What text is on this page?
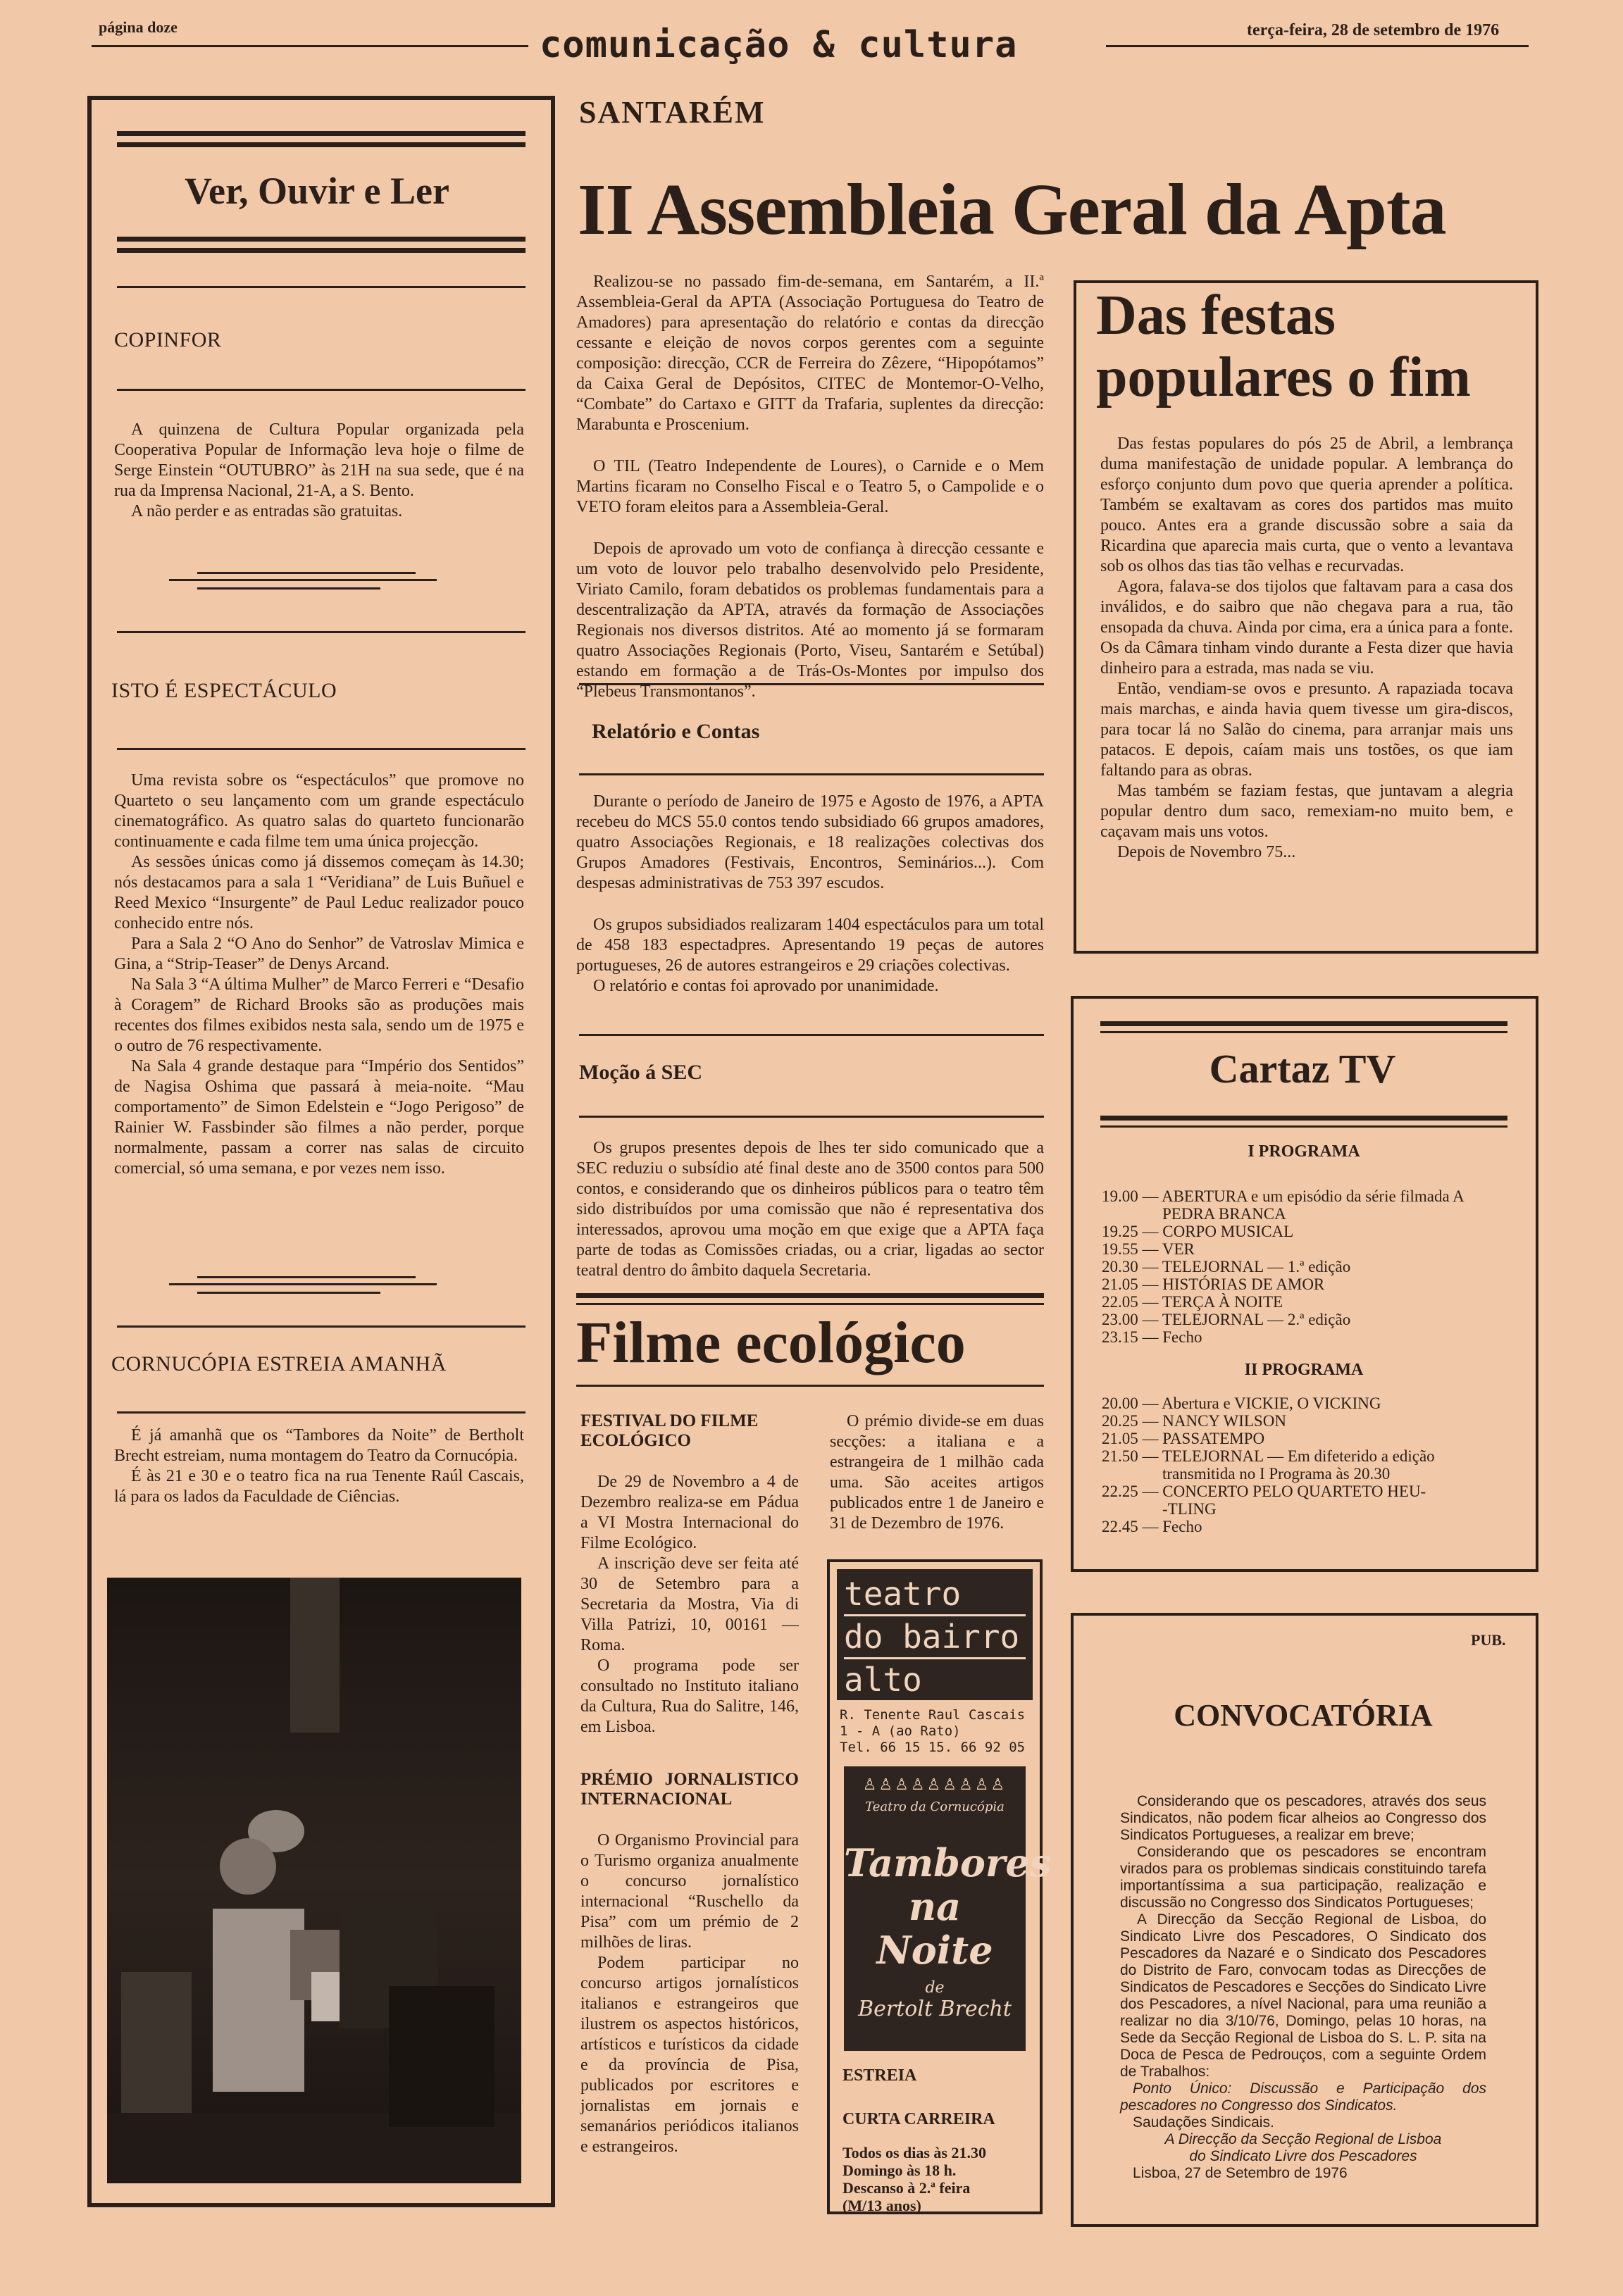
página doze	comunicação & cultura	terça-feira, 28 de setembro de 1976
Ver, Ouvir e Ler
COPINFOR

A quinzena de Cultura Popular organizada pela Cooperativa Popular de Informação leva hoje o filme de Serge Einstein “OUTUBRO” às 21H na sua sede, que é na rua da Imprensa Nacional, 21-A, a S. Bento.

A não perder e as entradas são gratuitas.

ISTO É ESPECTÁCULO

Uma revista sobre os “espectáculos” que promove no Quarteto o seu lançamento com um grande espectáculo cinematográfico. As quatro salas do quarteto funcionarão continuamente e cada filme tem uma única projecção.

As sessões únicas como já dissemos começam às 14.30; nós destacamos para a sala 1 “Veridiana” de Luis Buñuel e Reed Mexico “Insurgente” de Paul Leduc realizador pouco conhecido entre nós.

Para a Sala 2 “O Ano do Senhor” de Vatroslav Mimica e Gina, a “Strip-Teaser” de Denys Arcand.

Na Sala 3 “A última Mulher” de Marco Ferreri e “Desafio à Coragem” de Richard Brooks são as produções mais recentes dos filmes exibidos nesta sala, sendo um de 1975 e o outro de 76 respectivamente.

Na Sala 4 grande destaque para “Império dos Sentidos” de Nagisa Oshima que passará à meia-noite. “Mau comportamento” de Simon Edelstein e “Jogo Perigoso” de Rainier W. Fassbinder são filmes a não perder, porque normalmente, passam a correr nas salas de circuito comercial, só uma semana, e por vezes nem isso.

CORNUCÓPIA ESTREIA AMANHÃ

É já amanhã que os “Tambores da Noite” de Bertholt Brecht estreiam, numa montagem do Teatro da Cornucópia.

É às 21 e 30 e o teatro fica na rua Tenente Raúl Cascais, lá para os lados da Faculdade de Ciências.

SANTARÉM
II Assembleia Geral da Apta

Realizou-se no passado fim-de-semana, em Santarém, a II.ª Assembleia-Geral da APTA (Associação Portuguesa do Teatro de Amadores) para apresentação do relatório e contas da direcção cessante e eleição de novos corpos gerentes com a seguinte composição: direcção, CCR de Ferreira do Zêzere, “Hipopótamos” da Caixa Geral de Depósitos, CITEC de Montemor-O-Velho, “Combate” do Cartaxo e GITT da Trafaria, suplentes da direcção: Marabunta e Proscenium.

O TIL (Teatro Independente de Loures), o Carnide e o Mem Martins ficaram no Conselho Fiscal e o Teatro 5, o Campolide e o VETO foram eleitos para a Assembleia-Geral.

Depois de aprovado um voto de confiança à direcção cessante e um voto de louvor pelo trabalho desenvolvido pelo Presidente, Viriato Camilo, foram debatidos os problemas fundamentais para a descentralização da APTA, através da formação de Associações Regionais nos diversos distritos. Até ao momento já se formaram quatro Associações Regionais (Porto, Viseu, Santarém e Setúbal) estando em formação a de Trás-Os-Montes por impulso dos “Plebeus Transmontanos”.

Relatório e Contas

Durante o período de Janeiro de 1975 e Agosto de 1976, a APTA recebeu do MCS 55.0 contos tendo subsidiado 66 grupos amadores, quatro Associações Regionais, e 18 realizações colectivas dos Grupos Amadores (Festivais, Encontros, Seminários...). Com despesas administrativas de 753 397 escudos.

Os grupos subsidiados realizaram 1404 espectáculos para um total de 458 183 espectadpres. Apresentando 19 peças de autores portugueses, 26 de autores estrangeiros e 29 criações colectivas.

O relatório e contas foi aprovado por unanimidade.

Moção á SEC

Os grupos presentes depois de lhes ter sido comunicado que a SEC reduziu o subsídio até final deste ano de 3500 contos para 500 contos, e considerando que os dinheiros públicos para o teatro têm sido distribuídos por uma comissão que não é representativa dos interessados, aprovou uma moção em que exige que a APTA faça parte de todas as Comissões criadas, ou a criar, ligadas ao sector teatral dentro do âmbito daquela Secretaria.

Filme ecológico

FESTIVAL DO FILME ECOLÓGICO

De 29 de Novembro a 4 de Dezembro realiza-se em Pádua a VI Mostra Internacional do Filme Ecológico.

A inscrição deve ser feita até 30 de Setembro para a Secretaria da Mostra, Via di Villa Patrizi, 10, 00161 — Roma.

O programa pode ser consultado no Instituto italiano da Cultura, Rua do Salitre, 146, em Lisboa.

PRÉMIO JORNALISTICO INTERNACIONAL

O Organismo Provincial para o Turismo organiza anualmente o concurso jornalístico internacional “Ruschello da Pisa” com um prémio de 2 milhões de liras.

Podem participar no concurso artigos jornalísticos italianos e estrangeiros que ilustrem os aspectos históricos, artísticos e turísticos da cidade e da província de Pisa, publicados por escritores e jornalistas em jornais e semanários periódicos italianos e estrangeiros.

O prémio divide-se em duas secções: a italiana e a estrangeira de 1 milhão cada uma. São aceites artigos publicados entre 1 de Janeiro e 31 de Dezembro de 1976.

teatro
do bairro
alto
R. Tenente Raul Cascais
1 - A (ao Rato)
Tel. 66 15 15. 66 92 05
♙♙♙♙♙♙♙♙♙
Teatro da Cornucópia
Tambores
na Noite
de
Bertolt Brecht
ESTREIA
CURTA CARREIRA
Todos os dias às 21.30
Domingo às 18 h.
Descanso à 2.ª feira
(M/13 anos)
Das festas populares o fim

Das festas populares do pós 25 de Abril, a lembrança duma manifestação de unidade popular. A lembrança do esforço conjunto dum povo que queria aprender a política. Também se exaltavam as cores dos partidos mas muito pouco. Antes era a grande discussão sobre a saia da Ricardina que aparecia mais curta, que o vento a levantava sob os olhos das tias tão velhas e recurvadas.

Agora, falava-se dos tijolos que faltavam para a casa dos inválidos, e do saibro que não chegava para a rua, tão ensopada da chuva. Ainda por cima, era a única para a fonte. Os da Câmara tinham vindo durante a Festa dizer que havia dinheiro para a estrada, mas nada se viu.

Então, vendiam-se ovos e presunto. A rapaziada tocava mais marchas, e ainda havia quem tivesse um gira-discos, para tocar lá no Salão do cinema, para arranjar mais uns patacos. E depois, caíam mais uns tostões, os que iam faltando para as obras.

Mas também se faziam festas, que juntavam a alegria popular dentro dum saco, remexiam-no muito bem, e caçavam mais uns votos.

Depois de Novembro 75...

Cartaz TV
I PROGRAMA
19.00 — ABERTURA e um episódio da série filmada A
PEDRA BRANCA
19.25 — CORPO MUSICAL
19.55 — VER
20.30 — TELEJORNAL — 1.ª edição
21.05 — HISTÓRIAS DE AMOR
22.05 — TERÇA À NOITE
23.00 — TELEJORNAL — 2.ª edição
23.15 — Fecho
II PROGRAMA
20.00 — Abertura e VICKIE, O VICKING
20.25 — NANCY WILSON
21.05 — PASSATEMPO
21.50 — TELEJORNAL — Em difeterido a edição
transmitida no I Programa às 20.30
22.25 — CONCERTO PELO QUARTETO HEU-
-TLING
22.45 — Fecho
PUB.
CONVOCATÓRIA

Considerando que os pescadores, através dos seus Sindicatos, não podem ficar alheios ao Congresso dos Sindicatos Portugueses, a realizar em breve;

Considerando que os pescadores se encontram virados para os problemas sindicais constituindo tarefa importantíssima a sua participação, realização e discussão no Congresso dos Sindicatos Portugueses;

A Direcção da Secção Regional de Lisboa, do Sindicato Livre dos Pescadores, O Sindicato dos Pescadores da Nazaré e o Sindicato dos Pescadores do Distrito de Faro, convocam todas as Direcções de Sindicatos de Pescadores e Secções do Sindicato Livre dos Pescadores, a nível Nacional, para uma reunião a realizar no dia 3/10/76, Domingo, pelas 10 horas, na Sede da Secção Regional de Lisboa do S. L. P. sita na Doca de Pesca de Pedrouços, com a seguinte Ordem de Trabalhos:

Ponto Único: Discussão e Participação dos pescadores no Congresso dos Sindicatos.

Saudações Sindicais.

A Direcção da Secção Regional de Lisboa

do Sindicato Livre dos Pescadores

Lisboa, 27 de Setembro de 1976
